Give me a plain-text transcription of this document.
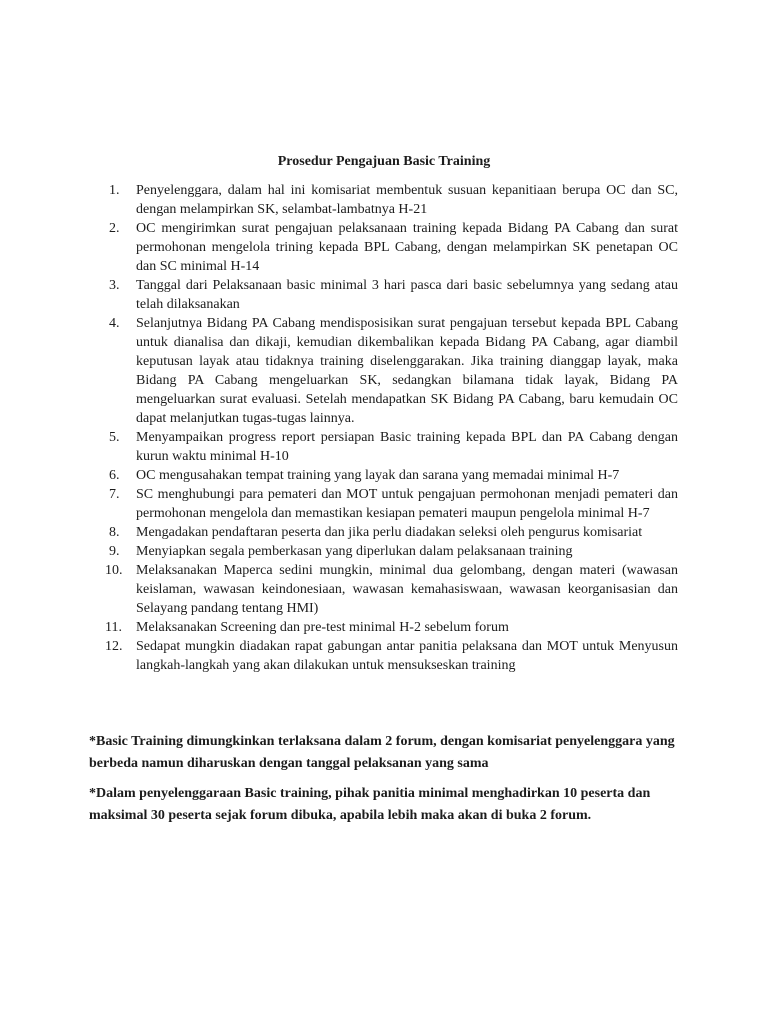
Prosedur Pengajuan Basic Training
1. Penyelenggara, dalam hal ini komisariat membentuk susuan kepanitiaan berupa OC dan SC, dengan melampirkan SK, selambat-lambatnya H-21
2. OC mengirimkan surat pengajuan pelaksanaan training kepada Bidang PA Cabang dan surat permohonan mengelola trining kepada BPL Cabang, dengan melampirkan SK penetapan OC dan SC minimal H-14
3. Tanggal dari Pelaksanaan basic minimal 3 hari pasca dari basic sebelumnya yang sedang atau telah dilaksanakan
4. Selanjutnya Bidang PA Cabang mendisposisikan surat pengajuan tersebut kepada BPL Cabang untuk dianalisa dan dikaji, kemudian dikembalikan kepada Bidang PA Cabang, agar diambil keputusan layak atau tidaknya training diselenggarakan. Jika training dianggap layak, maka Bidang PA Cabang mengeluarkan SK, sedangkan bilamana tidak layak, Bidang PA mengeluarkan surat evaluasi. Setelah mendapatkan SK Bidang PA Cabang, baru kemudain OC dapat melanjutkan tugas-tugas lainnya.
5. Menyampaikan progress report persiapan Basic training kepada BPL dan PA Cabang dengan kurun waktu minimal H-10
6. OC mengusahakan tempat training yang layak dan sarana yang memadai minimal H-7
7. SC menghubungi para pemateri dan MOT untuk pengajuan permohonan menjadi pemateri dan permohonan mengelola dan memastikan kesiapan pemateri maupun pengelola minimal H-7
8. Mengadakan pendaftaran peserta dan jika perlu diadakan seleksi oleh pengurus komisariat
9. Menyiapkan segala pemberkasan yang diperlukan dalam pelaksanaan training
10. Melaksanakan Maperca sedini mungkin, minimal dua gelombang, dengan materi (wawasan keislaman, wawasan keindonesiaan, wawasan kemahasiswaan, wawasan keorganisasian dan Selayang pandang tentang HMI)
11. Melaksanakan Screening dan pre-test minimal H-2 sebelum forum
12. Sedapat mungkin diadakan rapat gabungan antar panitia pelaksana dan MOT untuk Menyusun langkah-langkah yang akan dilakukan untuk mensukseskan training

*Basic Training dimungkinkan terlaksana dalam 2 forum, dengan komisariat penyelenggara yang berbeda namun diharuskan dengan tanggal pelaksanan yang sama

*Dalam penyelenggaraan Basic training, pihak panitia minimal menghadirkan 10 peserta dan maksimal 30 peserta sejak forum dibuka, apabila lebih maka akan di buka 2 forum.
